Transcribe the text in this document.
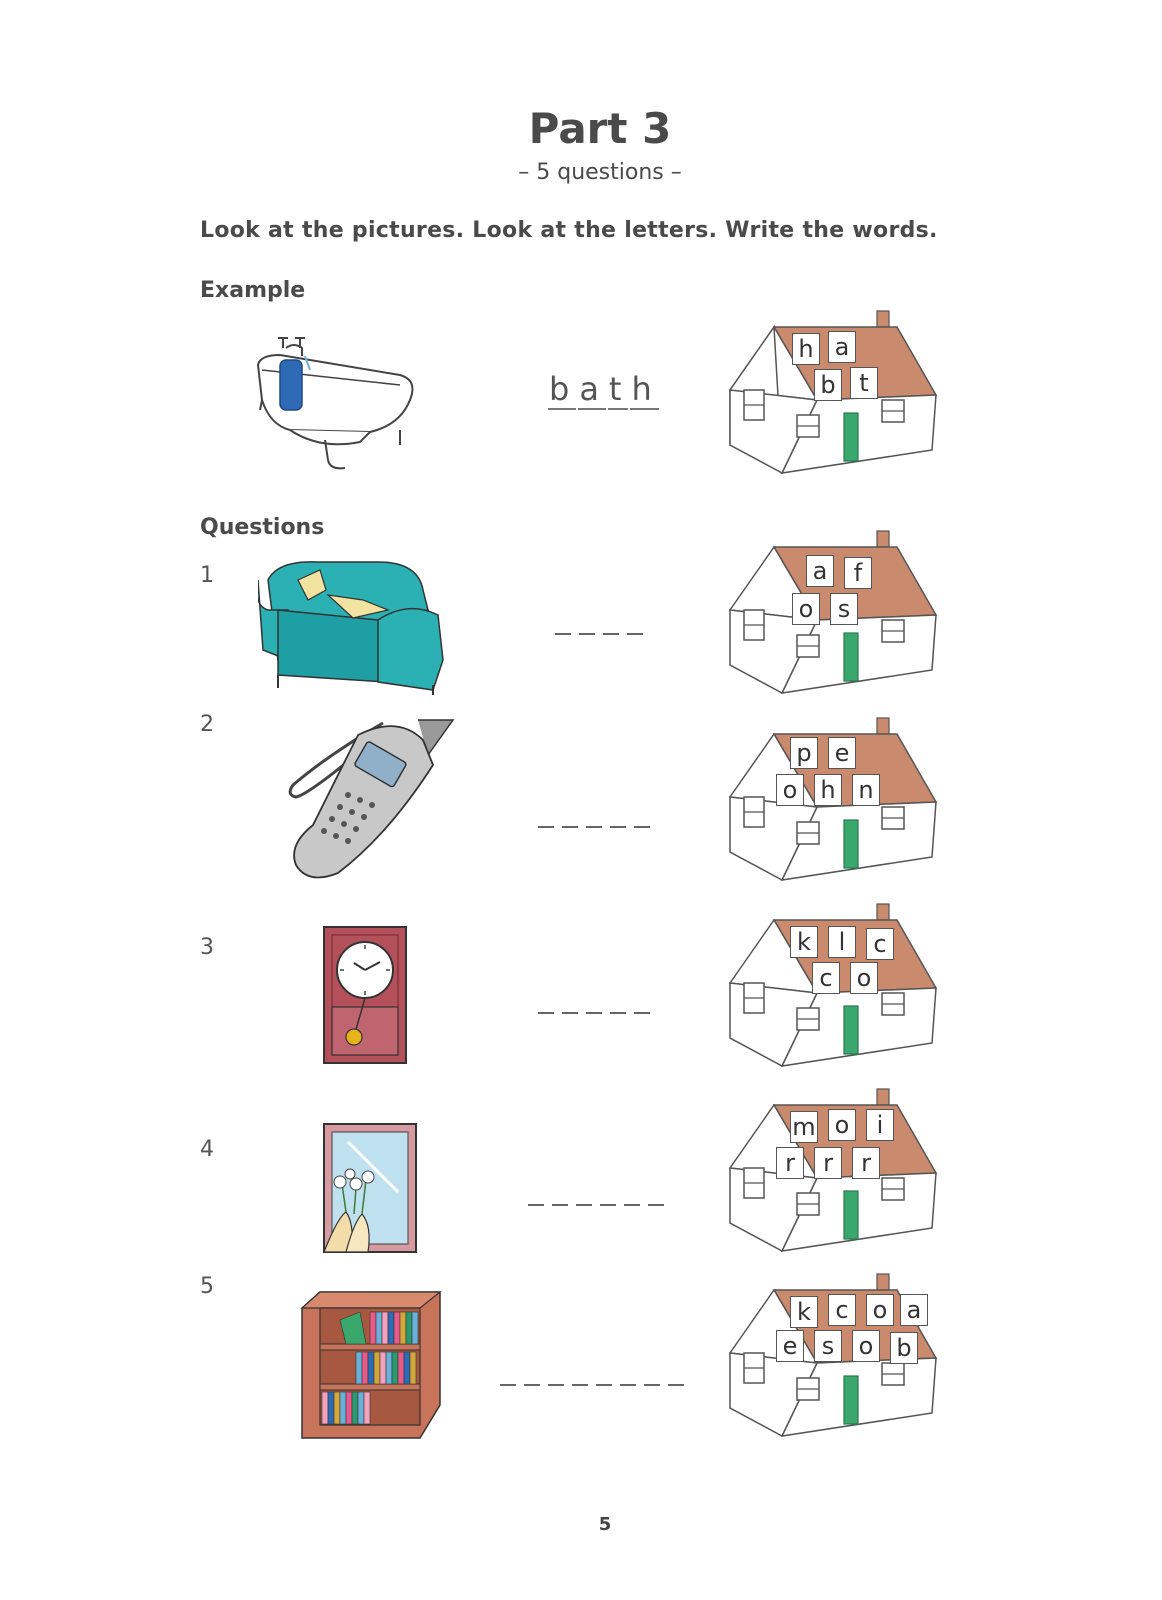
Part 3
– 5 questions –
Look at the pictures. Look at the letters. Write the words.
Example
b a t h
h a
b t
Questions
1	a	f
o	s
2
p e
o h n
3	k	l	c
c	o
4
m o	i
r	r	r
5
k	c	o a
e	s	o b
5
